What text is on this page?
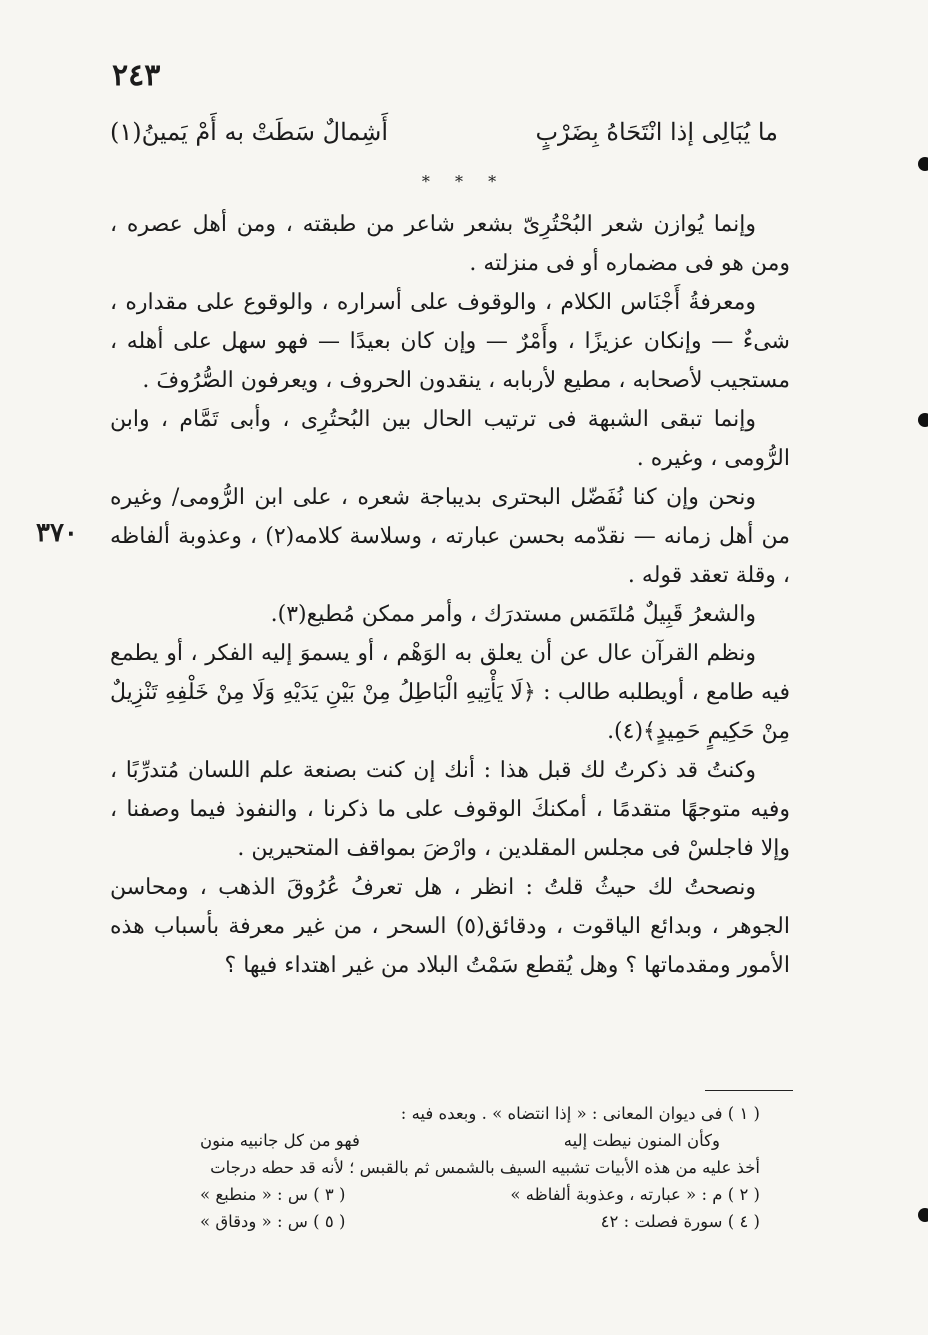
٢٤٣
ما يُبَالِى إذا انْتَحَاهُ بِضَرْبٍ
أَشِمالٌ سَطَتْ به أَمْ يَمينُ(١)
* * *

وإنما يُوازن شعر البُحْتُرِىّ بشعر شاعر من طبقته ، ومن أهل عصره ، ومن هو فى مضماره أو فى منزلته .

ومعرفةُ أَجْنَاس الكلام ، والوقوف على أسراره ، والوقوع على مقداره ، شىءٌ — وإنكان عزيزًا ، وأَمْرٌ — وإن كان بعيدًا — فهو سهل على أهله ، مستجيب لأصحابه ، مطيع لأربابه ، ينقدون الحروف ، ويعرفون الصُّرُوفَ .

وإنما تبقى الشبهة فى ترتيب الحال بين البُحتُرِى ، وأبى تَمَّام ، وابن الرُّومى ، وغيره .

ونحن وإن كنا نُفَضّل البحترى بديباجة شعره ، على ابن الرُّومى/ وغيره من أهل زمانه — نقدّمه بحسن عبارته ، وسلاسة كلامه(٢) ، وعذوبة ألفاظه ، وقلة تعقد قوله .

والشعرُ قَبِيلٌ مُلتَمَس مستدرَك ، وأمر ممكن مُطيع(٣).

ونظم القرآن عال عن أن يعلق به الوَهْم ، أو يسموَ إليه الفكر ، أو يطمع فيه طامع ، أويطلبه طالب : ﴿لَا يَأْتِيهِ الْبَاطِلُ مِنْ بَيْنِ يَدَيْهِ وَلَا مِنْ خَلْفِهِ تَنْزِيلٌ مِنْ حَكِيمٍ حَمِيدٍ﴾(٤).

وكنتُ قد ذكرتُ لك قبل هذا : أنك إن كنت بصنعة علم اللسان مُتدرِّبًا ، وفيه متوجهًا متقدمًا ، أمكنكَ الوقوف على ما ذكرنا ، والنفوذ فيما وصفنا ، وإلا فاجلسْ فى مجلس المقلدين ، وارْضَ بمواقف المتحيرين .

ونصحتُ لك حيثُ قلتُ : انظر ، هل تعرفُ عُرُوقَ الذهب ، ومحاسن الجوهر ، وبدائع الياقوت ، ودقائق(٥) السحر ، من غير معرفة بأسباب هذه الأمور ومقدماتها ؟ وهل يُقطع سَمْتُ البلاد من غير اهتداء فيها ؟

٣٧٠

( ١ ) فى ديوان المعانى : « إذا انتضاه » . وبعده فيه :

وكأن المنون نيطت إليه
فهو من كل جانبيه منون

أخذ عليه من هذه الأبيات تشبيه السيف بالشمس ثم بالقبس ؛ لأنه قد حطه درجات

( ٢ ) م : « عبارته ، وعذوبة ألفاظه »
( ٣ ) س : « منطبع »
( ٤ ) سورة فصلت : ٤٢
( ٥ ) س : « ودقاق »
